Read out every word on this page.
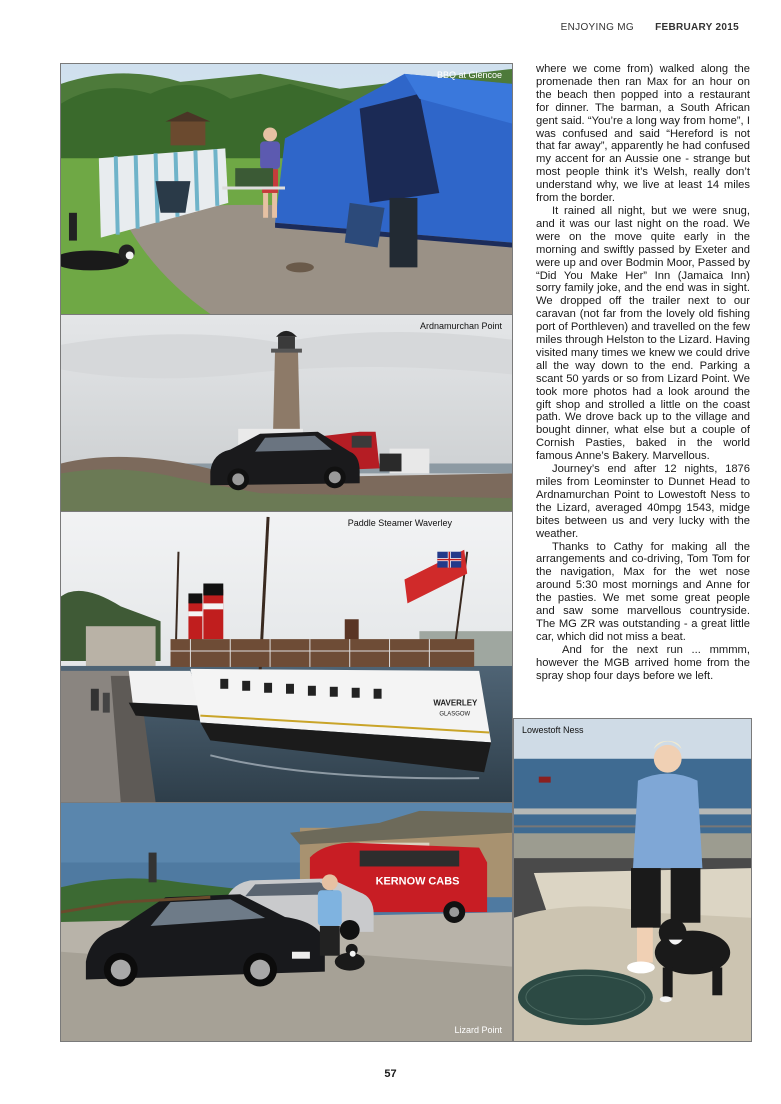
ENJOYING MG FEBRUARY 2015
BBQ at Glencoe
Ardnamurchan Point
WAVERLEY
GLASGOW
Paddle Steamer Waverley
KERNOW CABS
Lizard Point
Lowestoft Ness

where we come from) walked along the promenade then ran Max for an hour on the beach then popped into a restaurant for dinner. The barman, a South African gent said. “You’re a long way from home”, I was confused and said “Hereford is not that far away”, apparently he had confused my accent for an Aussie one - strange but most people think it’s Welsh, really don’t understand why, we live at least 14 miles from the border.

It rained all night, but we were snug, and it was our last night on the road. We were on the move quite early in the morning and swiftly passed by Exeter and were up and over Bodmin Moor, Passed by “Did You Make Her” Inn (Jamaica Inn) sorry family joke, and the end was in sight. We dropped off the trailer next to our caravan (not far from the lovely old fishing port of Porthleven) and travelled on the few miles through Helston to the Lizard. Having visited many times we knew we could drive all the way down to the end. Parking a scant 50 yards or so from Lizard Point. We took more photos had a look around the gift shop and strolled a little on the coast path. We drove back up to the village and bought dinner, what else but a couple of Cornish Pasties, baked in the world famous Anne’s Bakery. Marvellous.

Journey’s end after 12 nights, 1876 miles from Leominster to Dunnet Head to Ardnamurchan Point to Lowestoft Ness to the Lizard, averaged 40mpg 1543, midge bites between us and very lucky with the weather.

Thanks to Cathy for making all the arrangements and co-driving, Tom Tom for the navigation, Max for the wet nose around 5:30 most mornings and Anne for the pasties. We met some great people and saw some marvellous countryside. The MG ZR was outstanding - a great little car, which did not miss a beat.

And for the next run ... mmmm, however the MGB arrived home from the spray shop four days before we left.

57
